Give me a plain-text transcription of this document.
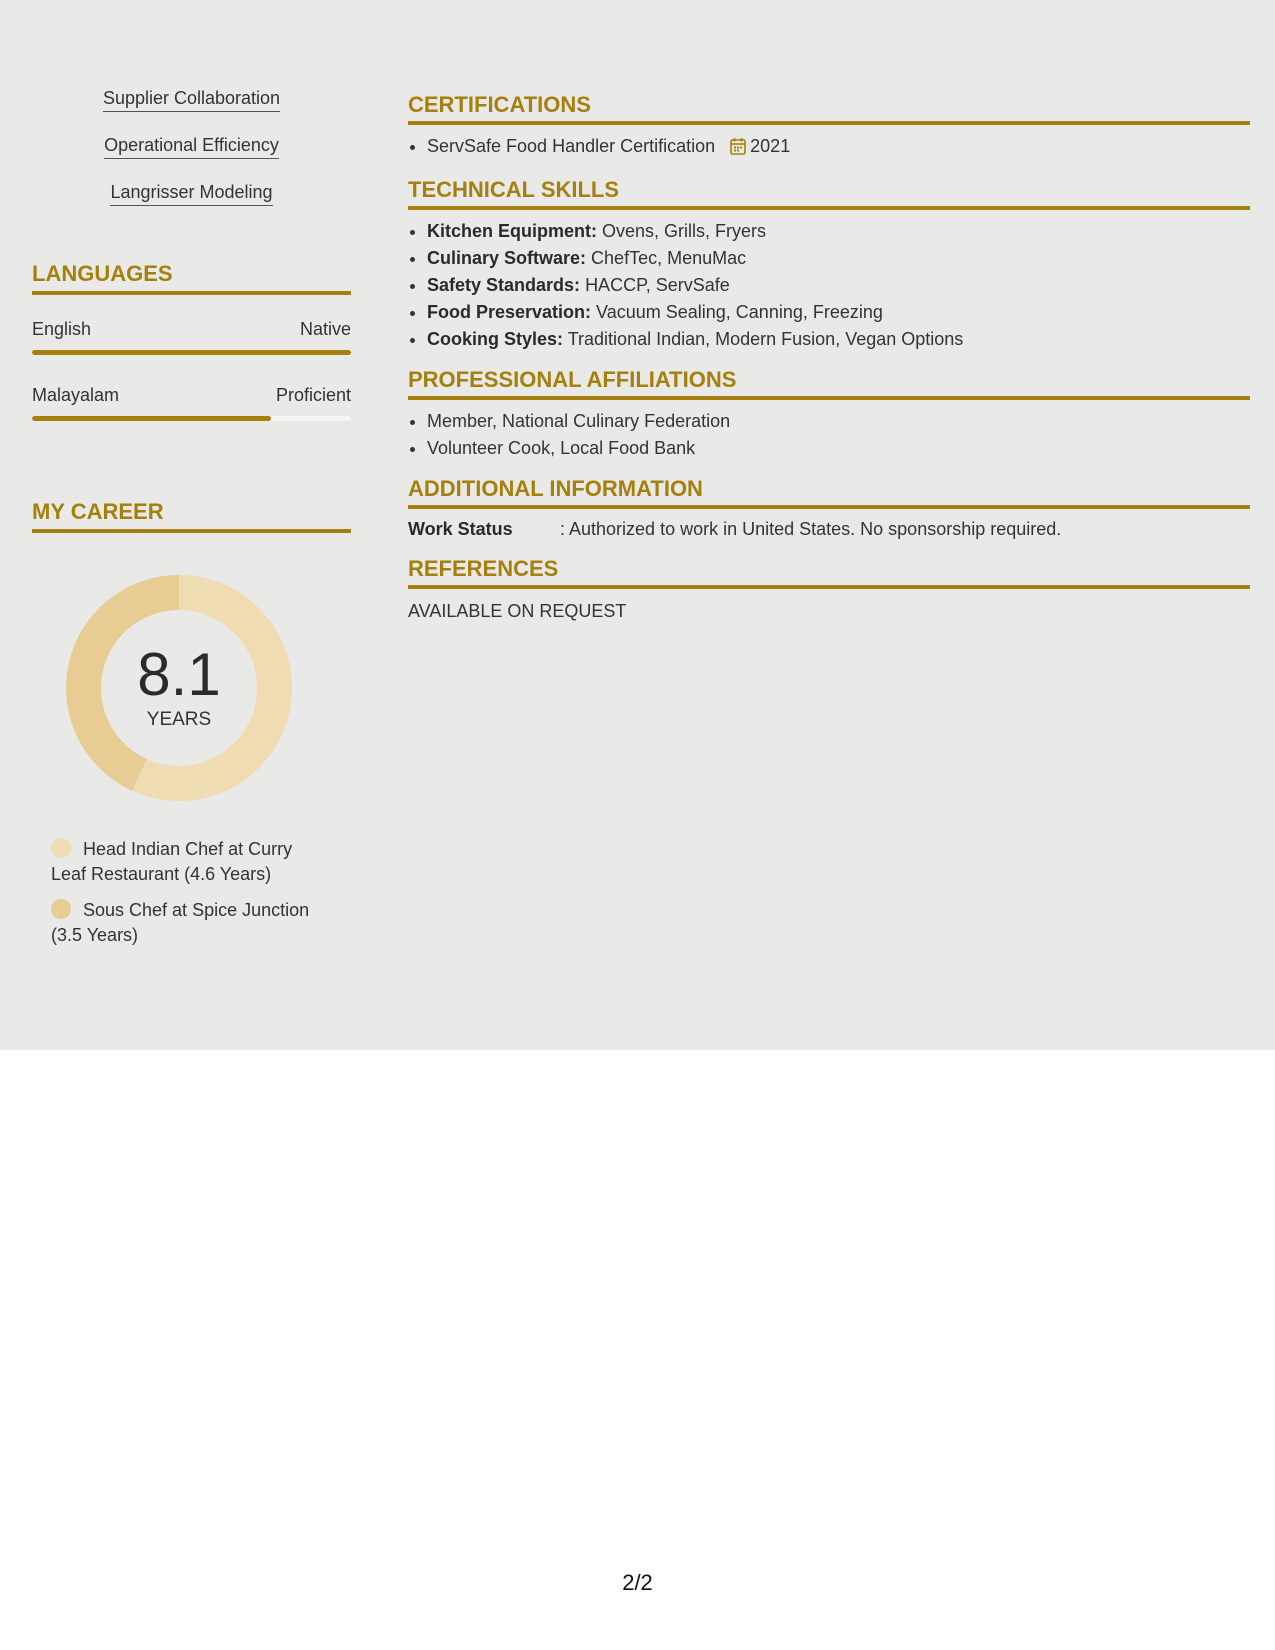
Supplier Collaboration
Operational Efficiency
Langrisser Modeling
LANGUAGES
English	Native
Malayalam	Proficient
MY CAREER
8.1
YEARS
Head Indian Chef at Curry Leaf Restaurant (4.6 Years)
Sous Chef at Spice Junction (3.5 Years)
CERTIFICATIONS
• ServSafe Food Handler Certification 2021
TECHNICAL SKILLS
• Kitchen Equipment: Ovens, Grills, Fryers
• Culinary Software: ChefTec, MenuMac
• Safety Standards: HACCP, ServSafe
• Food Preservation: Vacuum Sealing, Canning, Freezing
• Cooking Styles: Traditional Indian, Modern Fusion, Vegan Options
PROFESSIONAL AFFILIATIONS
• Member, National Culinary Federation
• Volunteer Cook, Local Food Bank
ADDITIONAL INFORMATION
Work Status	: Authorized to work in United States. No sponsorship required.
REFERENCES
AVAILABLE ON REQUEST
2/2
